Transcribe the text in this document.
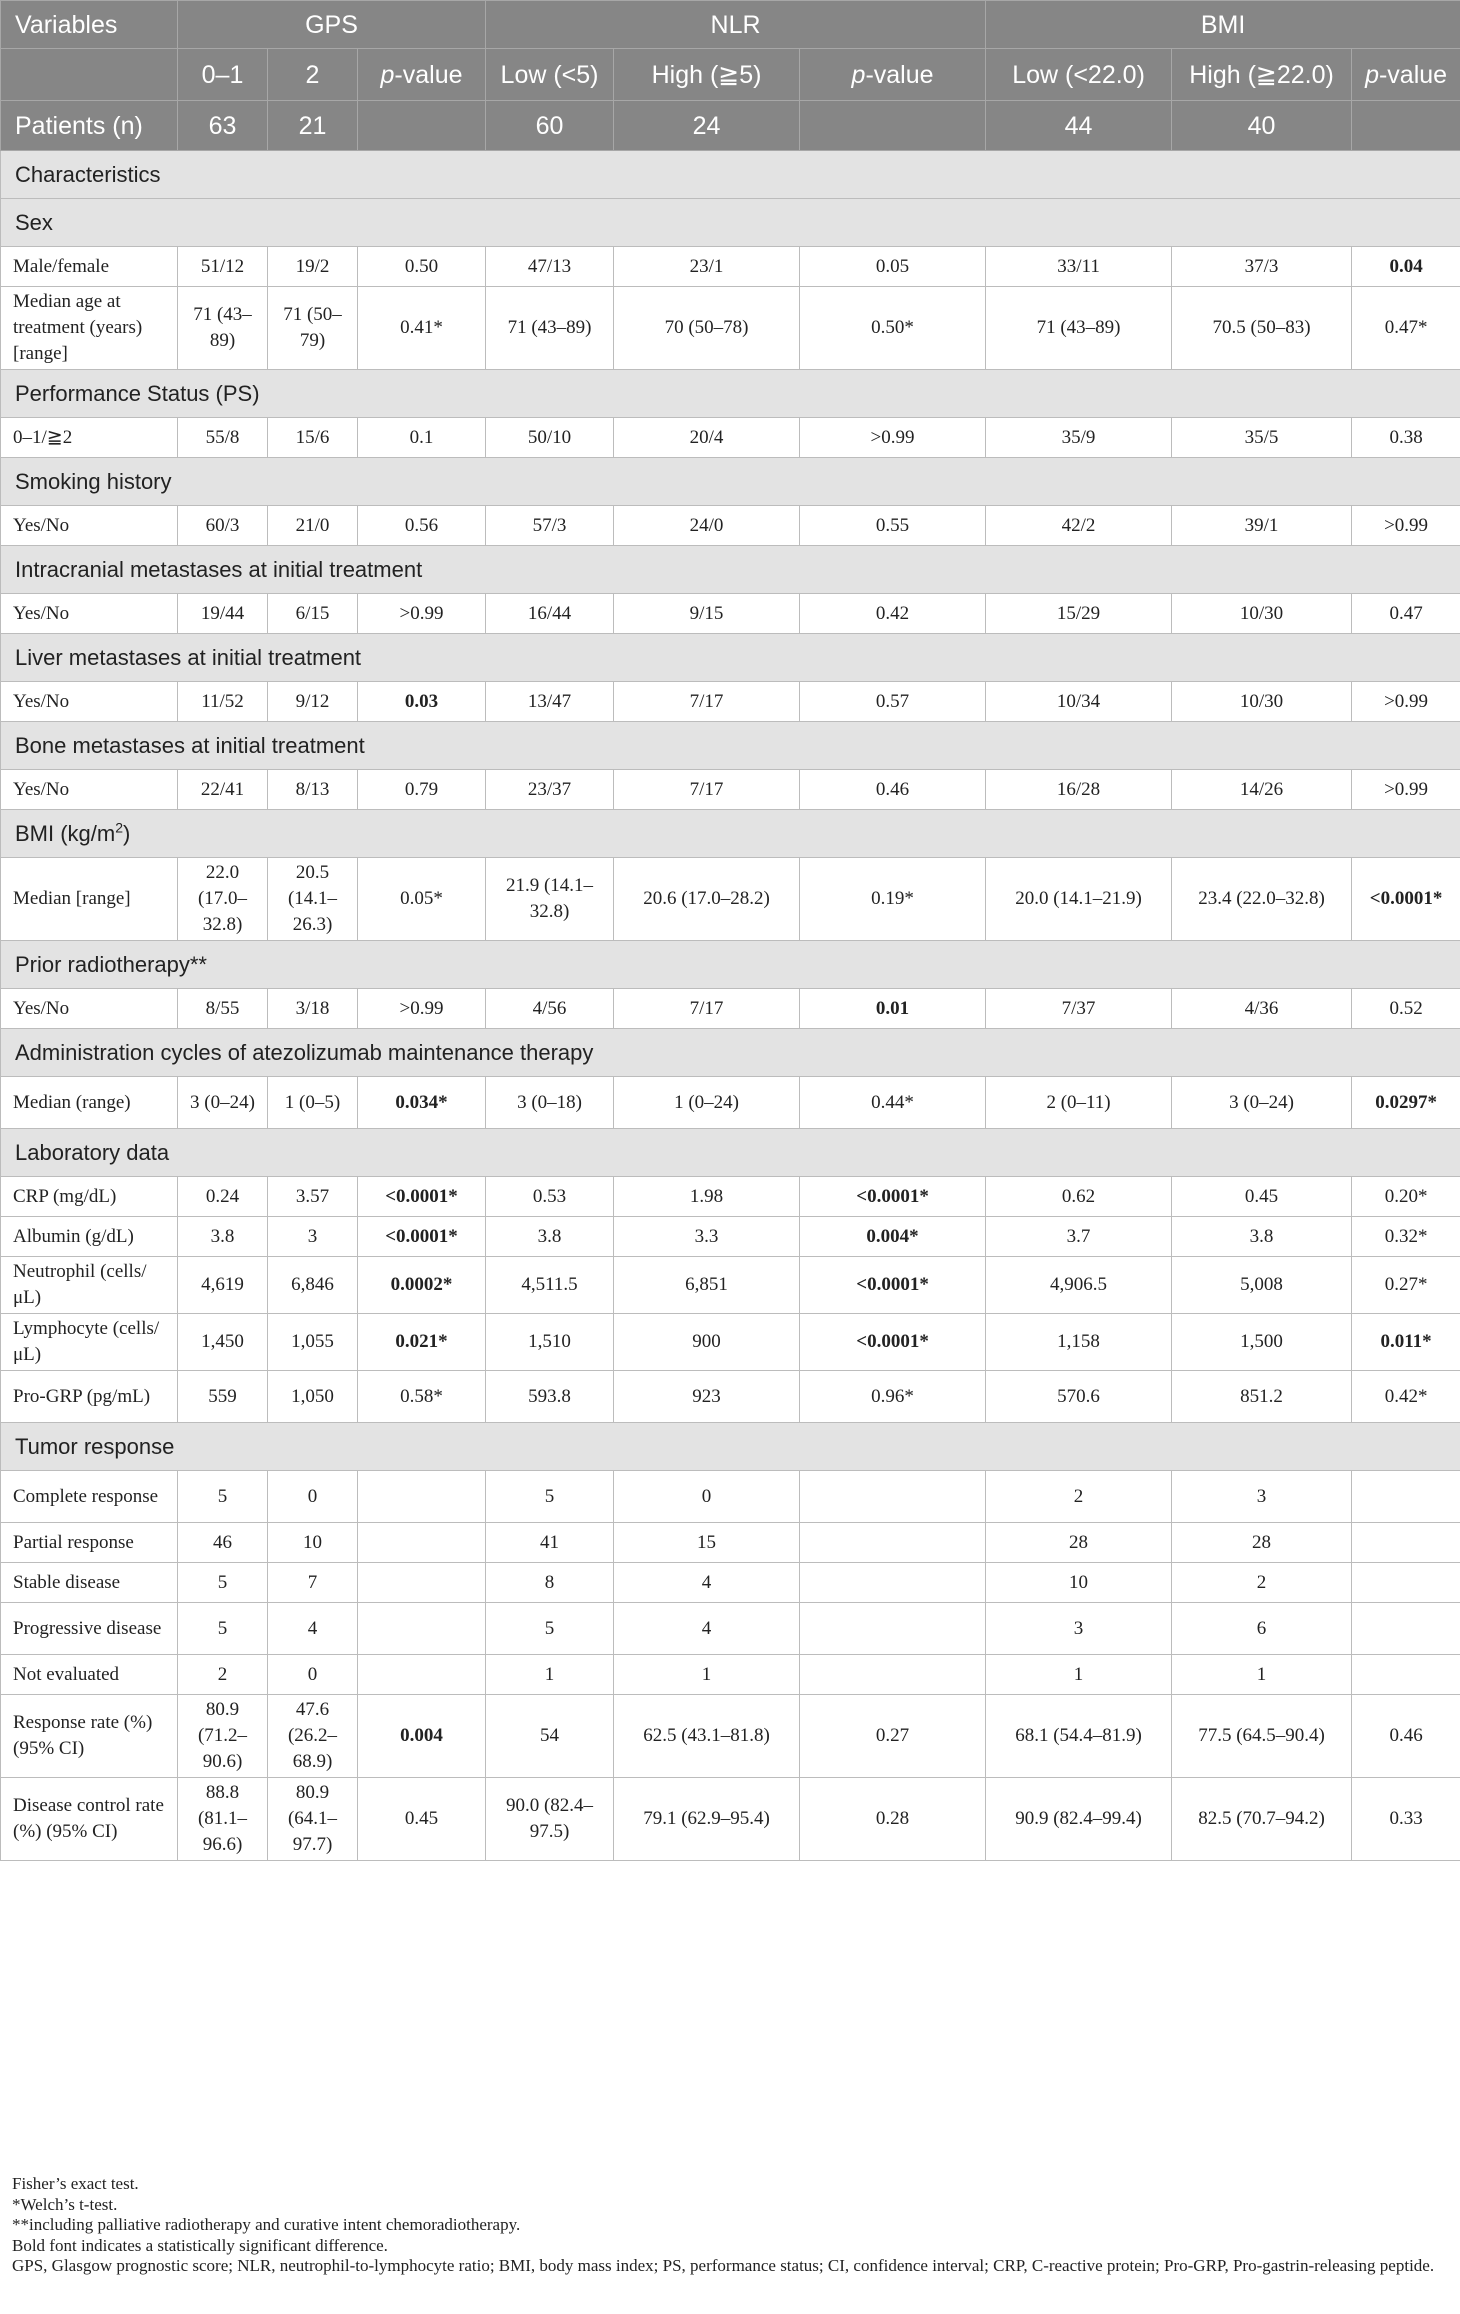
Variables	GPS			NLR			BMI		
	0–1	2	p-value	Low (<5)	High (≧5)	p-value	Low (<22.0)	High (≧22.0)	p-value
Patients (n)	63	21		60	24		44	40	
Characteristics									
Sex									
Male/female	51/12	19/2	0.50	47/13	23/1	0.05	33/11	37/3	0.04
Median age at treatment (years) [range]	71 (43–89)	71 (50–79)	0.41*	71 (43–89)	70 (50–78)	0.50*	71 (43–89)	70.5 (50–83)	0.47*
Performance Status (PS)									
0–1/≧2	55/8	15/6	0.1	50/10	20/4	>0.99	35/9	35/5	0.38
Smoking history									
Yes/No	60/3	21/0	0.56	57/3	24/0	0.55	42/2	39/1	>0.99
Intracranial metastases at initial treatment									
Yes/No	19/44	6/15	>0.99	16/44	9/15	0.42	15/29	10/30	0.47
Liver metastases at initial treatment									
Yes/No	11/52	9/12	0.03	13/47	7/17	0.57	10/34	10/30	>0.99
Bone metastases at initial treatment									
Yes/No	22/41	8/13	0.79	23/37	7/17	0.46	16/28	14/26	>0.99
BMI $(kg/m^2)$									
Median [range]	22.0 (17.0–32.8)	20.5 (14.1–26.3)	0.05*	21.9 (14.1–32.8)	20.6 (17.0–28.2)	0.19*	20.0 (14.1–21.9)	23.4 (22.0–32.8)	<0.0001*
Prior radiotherapy**									
Yes/No	8/55	3/18	>0.99	4/56	7/17	0.01	7/37	4/36	0.52
Administration cycles of atezolizumab maintenance therapy									
Median (range)	3 (0–24)	1 (0–5)	0.034*	3 (0–18)	1 (0–24)	0.44*	2 (0–11)	3 (0–24)	0.0297*
Laboratory data									
CRP (mg/dL)	0.24	3.57	<0.0001*	0.53	1.98	<0.0001*	0.62	0.45	0.20*
Albumin (g/dL)	3.8	3	<0.0001*	3.8	3.3	0.004*	3.7	3.8	0.32*
Neutrophil (cells/μL)	4,619	6,846	0.0002*	4,511.5	6,851	<0.0001*	4,906.5	5,008	0.27*
Lymphocyte (cells/μL)	1,450	1,055	0.021*	1,510	900	<0.0001*	1,158	1,500	0.011*
Pro-GRP (pg/mL)	559	1,050	0.58*	593.8	923	0.96*	570.6	851.2	0.42*
Tumor response									
Complete response	5	0		5	0		2	3	
Partial response	46	10		41	15		28	28	
Stable disease	5	7		8	4		10	2	
Progressive disease	5	4		5	4		3	6	
Not evaluated	2	0		1	1		1	1	
Response rate (%) (95% CI)	80.9 (71.2–90.6)	47.6 (26.2–68.9)	0.004	54	62.5 (43.1–81.8)	0.27	68.1 (54.4–81.9)	77.5 (64.5–90.4)	0.46
Disease control rate (%) (95% CI)	88.8 (81.1–96.6)	80.9 (64.1–97.7)	0.45	90.0 (82.4–97.5)	79.1 (62.9–95.4)	0.28	90.9 (82.4–99.4)	82.5 (70.7–94.2)	0.33
Fisher’s exact test.
*Welch’s t-test.
**including palliative radiotherapy and curative intent chemoradiotherapy.
Bold font indicates a statistically significant difference.
GPS, Glasgow prognostic score; NLR, neutrophil-to-lymphocyte ratio; BMI, body mass index; PS, performance status; CI, confidence interval; CRP, C-reactive protein; Pro-GRP, Pro-gastrin-releasing peptide.
